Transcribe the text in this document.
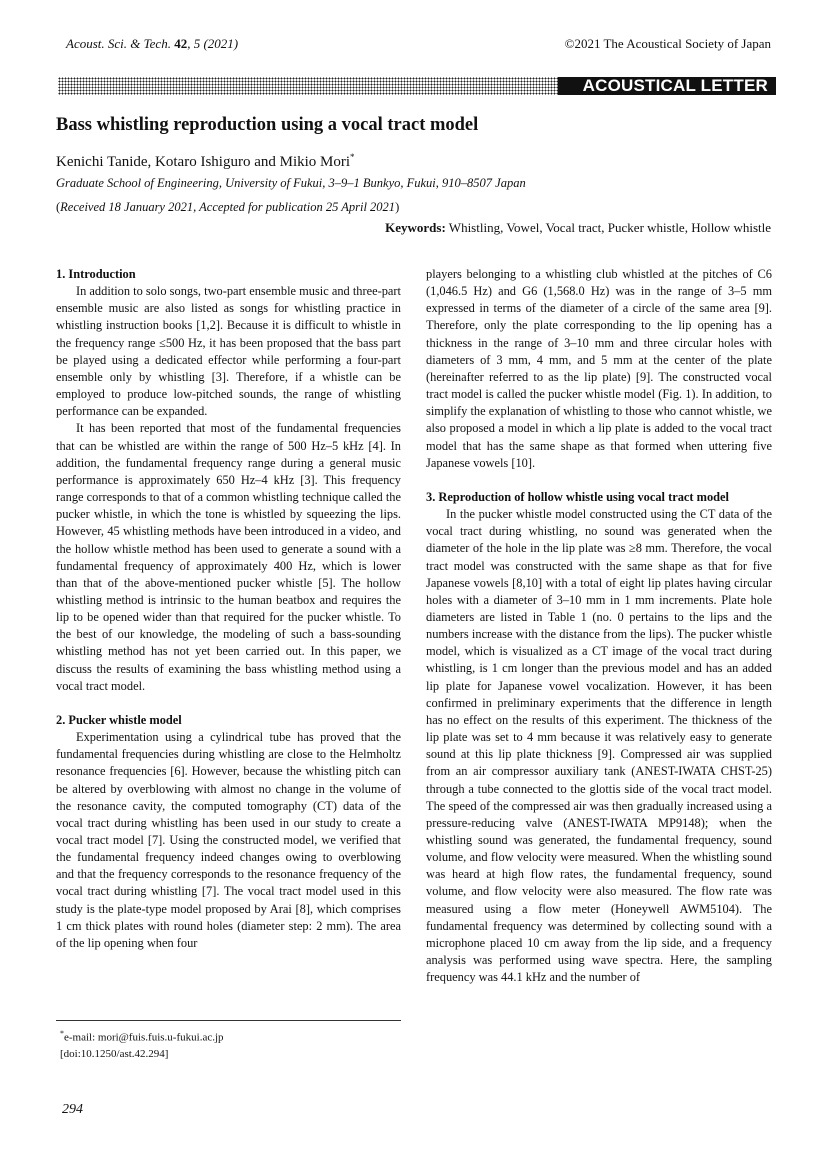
Acoust. Sci. & Tech. 42, 5 (2021)	©2021 The Acoustical Society of Japan
ACOUSTICAL LETTER
Bass whistling reproduction using a vocal tract model
Kenichi Tanide, Kotaro Ishiguro and Mikio Mori*
Graduate School of Engineering, University of Fukui, 3–9–1 Bunkyo, Fukui, 910–8507 Japan
(Received 18 January 2021, Accepted for publication 25 April 2021)
Keywords: Whistling, Vowel, Vocal tract, Pucker whistle, Hollow whistle
1. Introduction

In addition to solo songs, two-part ensemble music and three-part ensemble music are also listed as songs for whistling practice in whistling instruction books [1,2]. Because it is difficult to whistle in the frequency range ≤500 Hz, it has been proposed that the bass part be played using a dedicated effector while performing a four-part ensemble only by whistling [3]. Therefore, if a whistle can be employed to produce low-pitched sounds, the range of whistling performance can be expanded.

It has been reported that most of the fundamental frequencies that can be whistled are within the range of 500 Hz–5 kHz [4]. In addition, the fundamental frequency range during a general music performance is approximately 650 Hz–4 kHz [3]. This frequency range corresponds to that of a common whistling technique called the pucker whistle, in which the tone is whistled by squeezing the lips. However, 45 whistling methods have been introduced in a video, and the hollow whistle method has been used to generate a sound with a fundamental frequency of approximately 400 Hz, which is lower than that of the above-mentioned pucker whistle [5]. The hollow whistling method is intrinsic to the human beatbox and requires the lip to be opened wider than that required for the pucker whistle. To the best of our knowledge, the modeling of such a bass-sounding whistling method has not yet been carried out. In this paper, we discuss the results of examining the bass whistling method using a vocal tract model.

2. Pucker whistle model

Experimentation using a cylindrical tube has proved that the fundamental frequencies during whistling are close to the Helmholtz resonance frequencies [6]. However, because the whistling pitch can be altered by overblowing with almost no change in the volume of the resonance cavity, the computed tomography (CT) data of the vocal tract during whistling has been used in our study to create a vocal tract model [7]. Using the constructed model, we verified that the fundamental frequency indeed changes owing to overblowing and that the frequency corresponds to the resonance frequency of the vocal tract during whistling [7]. The vocal tract model used in this study is the plate-type model proposed by Arai [8], which comprises 1 cm thick plates with round holes (diameter step: 2 mm). The area of the lip opening when four

players belonging to a whistling club whistled at the pitches of C6 (1,046.5 Hz) and G6 (1,568.0 Hz) was in the range of 3–5 mm expressed in terms of the diameter of a circle of the same area [9]. Therefore, only the plate corresponding to the lip opening has a thickness in the range of 3–10 mm and three circular holes with diameters of 3 mm, 4 mm, and 5 mm at the center of the plate (hereinafter referred to as the lip plate) [9]. The constructed vocal tract model is called the pucker whistle model (Fig. 1). In addition, to simplify the explanation of whistling to those who cannot whistle, we also proposed a model in which a lip plate is added to the vocal tract model that has the same shape as that formed when uttering five Japanese vowels [10].

3. Reproduction of hollow whistle using vocal tract model

In the pucker whistle model constructed using the CT data of the vocal tract during whistling, no sound was generated when the diameter of the hole in the lip plate was ≥8 mm. Therefore, the vocal tract model was constructed with the same shape as that for five Japanese vowels [8,10] with a total of eight lip plates having circular holes with a diameter of 3–10 mm in 1 mm increments. Plate hole diameters are listed in Table 1 (no. 0 pertains to the lips and the numbers increase with the distance from the lips). The pucker whistle model, which is visualized as a CT image of the vocal tract during whistling, is 1 cm longer than the previous model and has an added lip plate for Japanese vowel vocalization. However, it has been confirmed in preliminary experiments that the difference in length has no effect on the results of this experiment. The thickness of the lip plate was set to 4 mm because it was relatively easy to generate sound at this lip plate thickness [9]. Compressed air was supplied from an air compressor auxiliary tank (ANEST-IWATA CHST-25) through a tube connected to the glottis side of the vocal tract model. The speed of the compressed air was then gradually increased using a pressure-reducing valve (ANEST-IWATA MP9148); when the whistling sound was generated, the fundamental frequency, sound volume, and flow velocity were measured. When the whistling sound was heard at high flow rates, the fundamental frequency, sound volume, and flow velocity were also measured. The flow rate was measured using a flow meter (Honeywell AWM5104). The fundamental frequency was determined by collecting sound with a microphone placed 10 cm away from the lip side, and a frequency analysis was performed using wave spectra. Here, the sampling frequency was 44.1 kHz and the number of

*e-mail: mori@fuis.fuis.u-fukui.ac.jp
[doi:10.1250/ast.42.294]
294
